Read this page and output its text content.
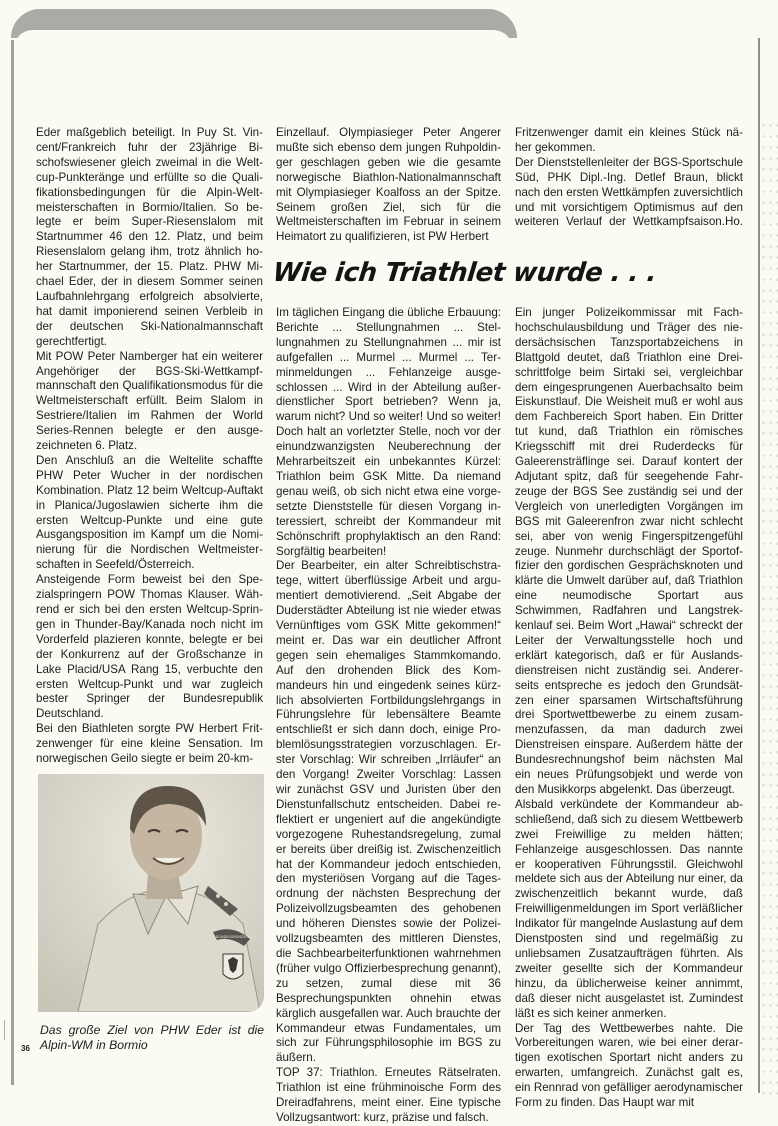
Eder maßgeblich beteiligt. In Puy St. Vincent/Frankreich fuhr der 23jährige Bischofswiesener gleich zweimal in die Weltcup-Punkteränge und erfüllte so die Qualifikationsbedingungen für die Alpin-Weltmeisterschaften in Bormio/Italien. So belegte er beim Super-Riesenslalom mit Startnummer 46 den 12. Platz, und beim Riesenslalom gelang ihm, trotz ähnlich hoher Startnummer, der 15. Platz. PHW Michael Eder, der in diesem Sommer seinen Laufbahnlehrgang erfolgreich absolvierte, hat damit imponierend seinen Verbleib in der deutschen Ski-Nationalmannschaft gerechtfertigt.

Mit POW Peter Namberger hat ein weiterer Angehöriger der BGS-Ski-Wettkampfmannschaft den Qualifikationsmodus für die Weltmeisterschaft erfüllt. Beim Slalom in Sestriere/Italien im Rahmen der World Series-Rennen belegte er den ausgezeichneten 6. Platz.

Den Anschluß an die Weltelite schaffte PHW Peter Wucher in der nordischen Kombination. Platz 12 beim Weltcup-Auftakt in Planica/Jugoslawien sicherte ihm die ersten Weltcup-Punkte und eine gute Ausgangsposition im Kampf um die Nominierung für die Nordischen Weltmeisterschaften in Seefeld/Österreich.

Ansteigende Form beweist bei den Spezialspringern POW Thomas Klauser. Während er sich bei den ersten Weltcup-Springen in Thunder-Bay/Kanada noch nicht im Vorderfeld plazieren konnte, belegte er bei der Konkurrenz auf der Großschanze in Lake Placid/USA Rang 15, verbuchte den ersten Weltcup-Punkt und war zugleich bester Springer der Bundesrepublik Deutschland.

Bei den Biathleten sorgte PW Herbert Fritzenwenger für eine kleine Sensation. Im norwegischen Geilo siegte er beim 20-km-

Einzellauf. Olympiasieger Peter Angerer mußte sich ebenso dem jungen Ruhpoldinger geschlagen geben wie die gesamte norwegische Biathlon-Nationalmannschaft mit Olympiasieger Koalfoss an der Spitze. Seinem großen Ziel, sich für die Weltmeisterschaften im Februar in seinem Heimatort zu qualifizieren, ist PW Herbert

Fritzenwenger damit ein kleines Stück näher gekommen.

Der Dienststellenleiter der BGS-Sportschule Süd, PHK Dipl.-Ing. Detlef Braun, blickt nach den ersten Wettkämpfen zuversichtlich und mit vorsichtigem Optimismus auf den weiteren Verlauf der Wettkampfsaison. Ho.

Wie ich Triathlet wurde . . .

Im täglichen Eingang die übliche Erbauung: Berichte ... Stellungnahmen ... Stellungnahmen zu Stellungnahmen ... mir ist aufgefallen ... Murmel ... Murmel ... Terminmeldungen ... Fehlanzeige ausgeschlossen ... Wird in der Abteilung außerdienstlicher Sport betrieben? Wenn ja, warum nicht? Und so weiter! Und so weiter! Doch halt an vorletzter Stelle, noch vor der einundzwanzigsten Neuberechnung der Mehrarbeitszeit ein unbekanntes Kürzel: Triathlon beim GSK Mitte. Da niemand genau weiß, ob sich nicht etwa eine vorgesetzte Dienststelle für diesen Vorgang interessiert, schreibt der Kommandeur mit Schönschrift prophylaktisch an den Rand: Sorgfältig bearbeiten!

Der Bearbeiter, ein alter Schreibtischstratege, wittert überflüssige Arbeit und argumentiert demotivierend. „Seit Abgabe der Duderstädter Abteilung ist nie wieder etwas Vernünftiges vom GSK Mitte gekommen!“ meint er. Das war ein deutlicher Affront gegen sein ehemaliges Stammkomando. Auf den drohenden Blick des Kommandeurs hin und eingedenk seines kürzlich absolvierten Fortbildungslehrgangs in Führungslehre für lebensältere Beamte entschließt er sich dann doch, einige Problemlösungsstrategien vorzuschlagen. Erster Vorschlag: Wir schreiben „Irrläufer“ an den Vorgang! Zweiter Vorschlag: Lassen wir zunächst GSV und Juristen über den Dienstunfallschutz entscheiden. Dabei reflektiert er ungeniert auf die angekündigte vorgezogene Ruhestandsregelung, zumal er bereits über dreißig ist. Zwischenzeitlich hat der Kommandeur jedoch entschieden, den mysteriösen Vorgang auf die Tagesordnung der nächsten Besprechung der Polizeivollzugsbeamten des gehobenen und höheren Dienstes sowie der Polizeivollzugsbeamten des mittleren Dienstes, die Sachbearbeiterfunktionen wahrnehmen (früher vulgo Offizierbesprechung genannt), zu setzen, zumal diese mit 36 Besprechungspunkten ohnehin etwas kärglich ausgefallen war. Auch brauchte der Kommandeur etwas Fundamentales, um sich zur Führungsphilosophie im BGS zu äußern.

TOP 37: Triathlon. Erneutes Rätselraten. Triathlon ist eine frühminoische Form des Dreiradfahrens, meint einer. Eine typische Vollzugsantwort: kurz, präzise und falsch.

Ein junger Polizeikommissar mit Fachhochschulausbildung und Träger des niedersächsischen Tanzsportabzeichens in Blattgold deutet, daß Triathlon eine Dreischrittfolge beim Sirtaki sei, vergleichbar dem eingesprungenen Auerbachsalto beim Eiskunstlauf. Die Weisheit muß er wohl aus dem Fachbereich Sport haben. Ein Dritter tut kund, daß Triathlon ein römisches Kriegsschiff mit drei Ruderdecks für Galeerensträflinge sei. Darauf kontert der Adjutant spitz, daß für seegehende Fahrzeuge der BGS See zuständig sei und der Vergleich von unerledigten Vorgängen im BGS mit Galeerenfron zwar nicht schlecht sei, aber von wenig Fingerspitzengefühl zeuge. Nunmehr durchschlägt der Sportoffizier den gordischen Gesprächsknoten und klärte die Umwelt darüber auf, daß Triathlon eine neumodische Sportart aus Schwimmen, Radfahren und Langstrekkenlauf sei. Beim Wort „Hawai“ schreckt der Leiter der Verwaltungsstelle hoch und erklärt kategorisch, daß er für Auslandsdienstreisen nicht zuständig sei. Andererseits entspreche es jedoch den Grundsätzen einer sparsamen Wirtschaftsführung drei Sportwettbewerbe zu einem zusammenzufassen, da man dadurch zwei Dienstreisen einspare. Außerdem hätte der Bundesrechnungshof beim nächsten Mal ein neues Prüfungsobjekt und werde von den Musikkorps abgelenkt. Das überzeugt.

Alsbald verkündete der Kommandeur abschließend, daß sich zu diesem Wettbewerb zwei Freiwillige zu melden hätten; Fehlanzeige ausgeschlossen. Das nannte er kooperativen Führungsstil. Gleichwohl meldete sich aus der Abteilung nur einer, da zwischenzeitlich bekannt wurde, daß Freiwilligenmeldungen im Sport verläßlicher Indikator für mangelnde Auslastung auf dem Dienstposten sind und regelmäßig zu unliebsamen Zusatzaufträgen führten. Als zweiter gesellte sich der Kommandeur hinzu, da üblicherweise keiner annimmt, daß dieser nicht ausgelastet ist. Zumindest läßt es sich keiner anmerken.

Der Tag des Wettbewerbes nahte. Die Vorbereitungen waren, wie bei einer derartigen exotischen Sportart nicht anders zu erwarten, umfangreich. Zunächst galt es, ein Rennrad von gefälliger aerodynamischer Form zu finden. Das Haupt war mit

BUNDESGRENZSCHUTZ
Das große Ziel von PHW Eder ist die Alpin-WM in Bormio
36
